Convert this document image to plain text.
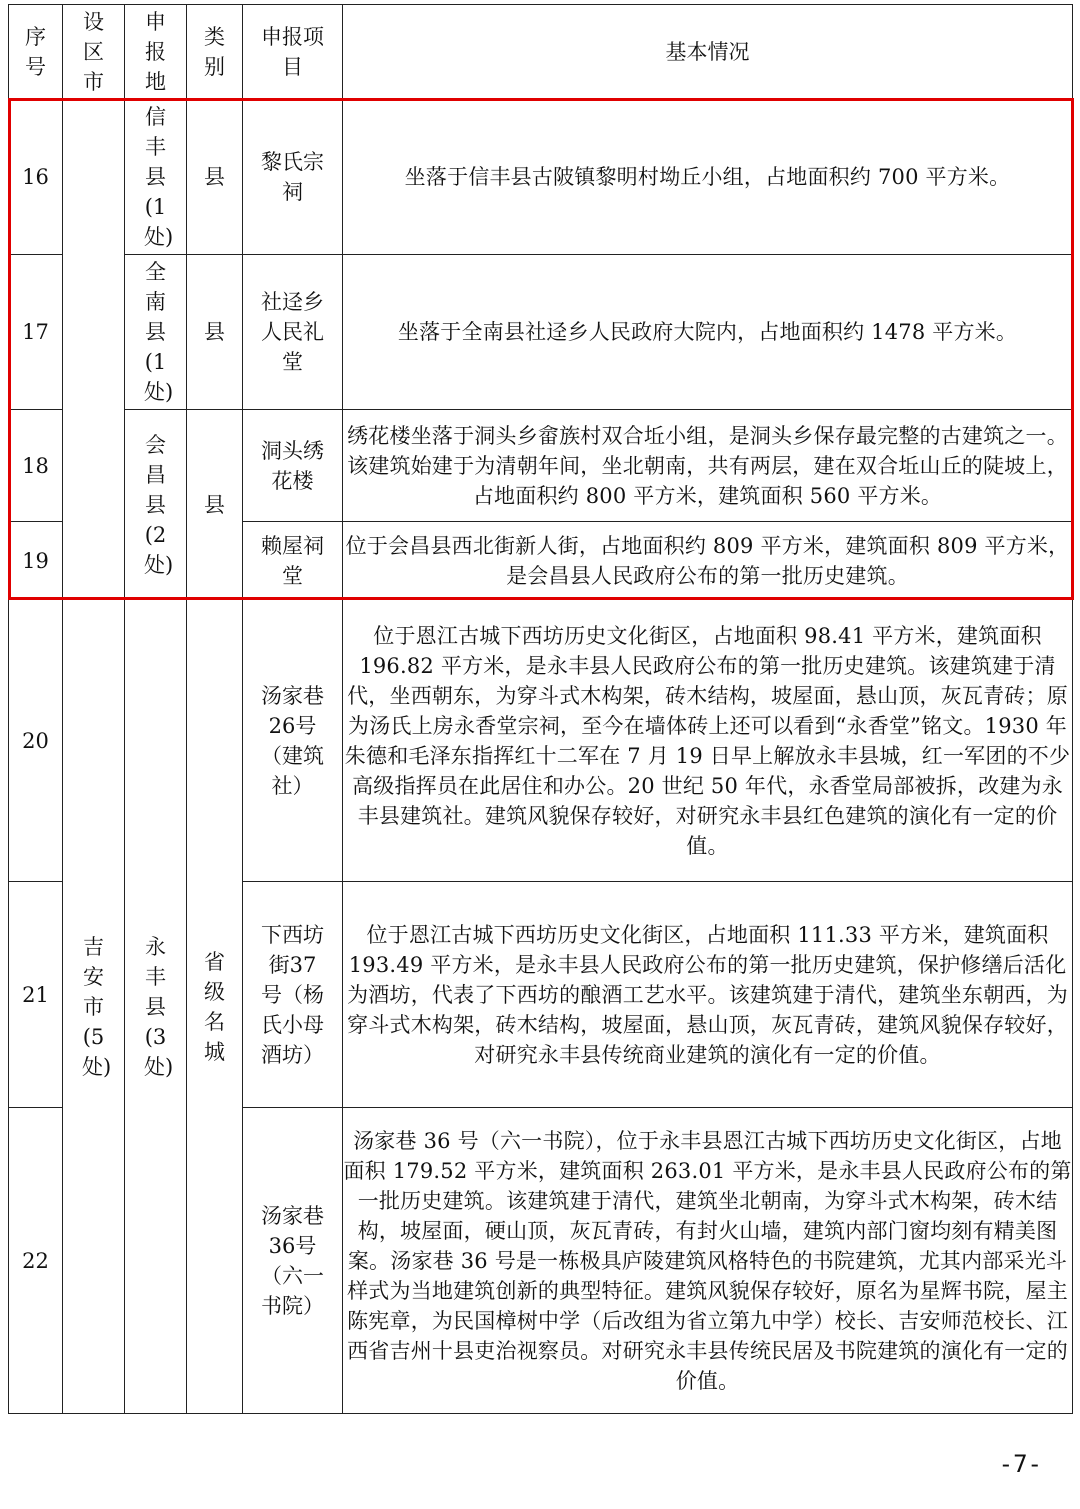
序号	设区市	申报地	类别	申报项目	基本情况
16		信丰县(1处)	县	黎氏宗祠	坐落于信丰县古陂镇黎明村坳丘小组，占地面积约 700 平方米。
17		全南县(1处)	县	社迳乡人民礼堂	坐落于全南县社迳乡人民政府大院内，占地面积约 1478 平方米。
18		会昌县(2处)	县	洞头绣花楼	绣花楼坐落于洞头乡畲族村双合坵小组，是洞头乡保存最完整的古建筑之一。该建筑始建于为清朝年间，坐北朝南，共有两层，建在双合坵山丘的陡坡上，占地面积约 800 平方米，建筑面积 560 平方米。
19				赖屋祠堂	位于会昌县西北街新人街，占地面积约 809 平方米，建筑面积 809 平方米，是会昌县人民政府公布的第一批历史建筑。
20	吉安市(5处)	永丰县(3处)	省级名城	汤家巷26号（建筑社）	位于恩江古城下西坊历史文化街区，占地面积 98.41 平方米，建筑面积 196.82 平方米，是永丰县人民政府公布的第一批历史建筑。该建筑建于清代，坐西朝东，为穿斗式木构架，砖木结构，坡屋面，悬山顶，灰瓦青砖；原为汤氏上房永香堂宗祠，至今在墙体砖上还可以看到“永香堂”铭文。1930 年朱德和毛泽东指挥红十二军在 7 月 19 日早上解放永丰县城，红一军团的不少高级指挥员在此居住和办公。20 世纪 50 年代，永香堂局部被拆，改建为永丰县建筑社。建筑风貌保存较好，对研究永丰县红色建筑的演化有一定的价值。
21				下西坊街37号（杨氏小母酒坊）	位于恩江古城下西坊历史文化街区，占地面积 111.33 平方米，建筑面积 193.49 平方米，是永丰县人民政府公布的第一批历史建筑，保护修缮后活化为酒坊，代表了下西坊的酿酒工艺水平。该建筑建于清代，建筑坐东朝西，为穿斗式木构架，砖木结构，坡屋面，悬山顶，灰瓦青砖，建筑风貌保存较好，对研究永丰县传统商业建筑的演化有一定的价值。
22				汤家巷36号（六一书院）	汤家巷 36 号（六一书院），位于永丰县恩江古城下西坊历史文化街区，占地面积 179.52 平方米，建筑面积 263.01 平方米，是永丰县人民政府公布的第一批历史建筑。该建筑建于清代，建筑坐北朝南，为穿斗式木构架，砖木结构，坡屋面，硬山顶，灰瓦青砖，有封火山墙，建筑内部门窗均刻有精美图案。汤家巷 36 号是一栋极具庐陵建筑风格特色的书院建筑，尤其内部采光斗样式为当地建筑创新的典型特征。建筑风貌保存较好，原名为星辉书院，屋主陈宪章，为民国樟树中学（后改组为省立第九中学）校长、吉安师范校长、江西省吉州十县吏治视察员。对研究永丰县传统民居及书院建筑的演化有一定的价值。
-7-
